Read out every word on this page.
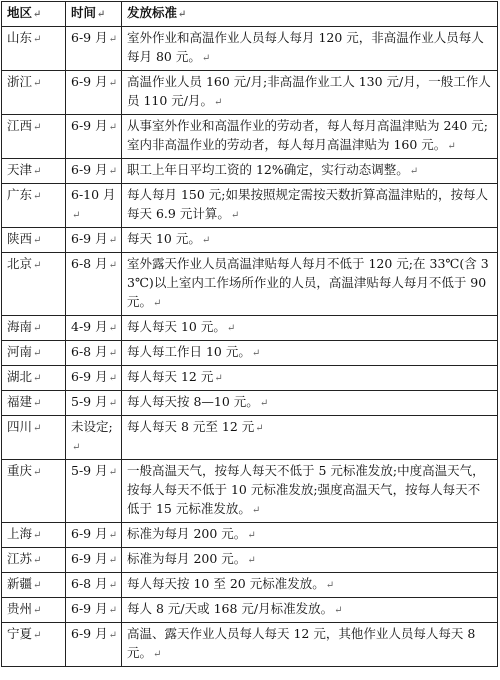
地区↵	时间↵	发放标准↵
山东↵	6-9 月↵	室外作业和高温作业人员每人每月 120 元，非高温作业人员每人每月 80 元。↵
浙江↵	6-9 月↵	高温作业人员 160 元/月;非高温作业工人 130 元/月，一般工作人员 110 元/月。↵
江西↵	6-9 月↵	从事室外作业和高温作业的劳动者，每人每月高温津贴为 240 元;室内非高温作业的劳动者，每人每月高温津贴为 160 元。↵
天津↵	6-9 月↵	职工上年日平均工资的 12%确定，实行动态调整。↵
广东↵	6-10 月↵	每人每月 150 元;如果按照规定需按天数折算高温津贴的，按每人每天 6.9 元计算。↵
陕西↵	6-9 月↵	每天 10 元。↵
北京↵	6-8 月↵	室外露天作业人员高温津贴每人每月不低于 120 元;在 33℃(含 33℃)以上室内工作场所作业的人员，高温津贴每人每月不低于 90 元。↵
海南↵	4-9 月↵	每人每天 10 元。↵
河南↵	6-8 月↵	每人每工作日 10 元。↵
湖北↵	6-9 月↵	每人每天 12 元↵
福建↵	5-9 月↵	每人每天按 8—10 元。↵
四川↵	未设定;↵	每人每天 8 元至 12 元↵
重庆↵	5-9 月↵	一般高温天气，按每人每天不低于 5 元标准发放;中度高温天气，按每人每天不低于 10 元标准发放;强度高温天气，按每人每天不低于 15 元标准发放。↵
上海↵	6-9 月↵	标准为每月 200 元。↵
江苏↵	6-9 月↵	标准为每月 200 元。↵
新疆↵	6-8 月↵	每人每天按 10 至 20 元标准发放。↵
贵州↵	6-9 月↵	每人 8 元/天或 168 元/月标准发放。↵
宁夏↵	6-9 月↵	高温、露天作业人员每人每天 12 元，其他作业人员每人每天 8 元。↵
